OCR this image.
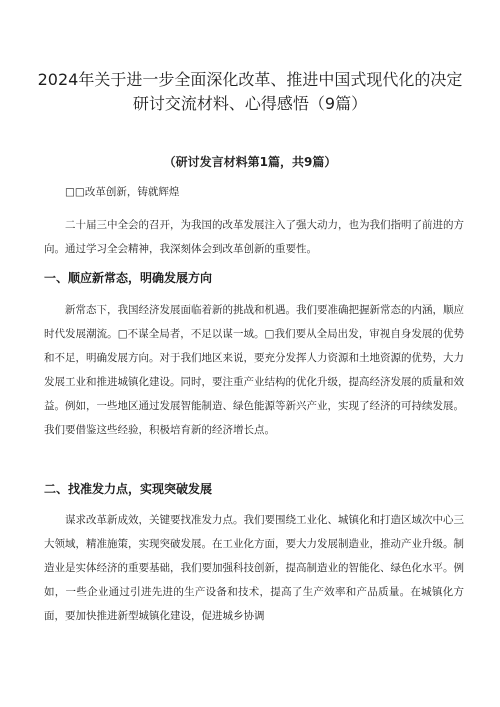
2024年关于进一步全面深化改革、推进中国式现代化的决定
研讨交流材料、心得感悟（9篇）
（研讨发言材料第1篇，共9篇）

□□改革创新，铸就辉煌

二十届三中全会的召开，为我国的改革发展注入了强大动力，也为我们指明了前进的方向。通过学习全会精神，我深刻体会到改革创新的重要性。

一、顺应新常态，明确发展方向

新常态下，我国经济发展面临着新的挑战和机遇。我们要准确把握新常态的内涵，顺应时代发展潮流。□不谋全局者，不足以谋一域。□我们要从全局出发，审视自身发展的优势和不足，明确发展方向。对于我们地区来说，要充分发挥人力资源和土地资源的优势，大力发展工业和推进城镇化建设。同时，要注重产业结构的优化升级，提高经济发展的质量和效益。例如，一些地区通过发展智能制造、绿色能源等新兴产业，实现了经济的可持续发展。我们要借鉴这些经验，积极培育新的经济增长点。

二、找准发力点，实现突破发展

谋求改革新成效，关键要找准发力点。我们要围绕工业化、城镇化和打造区域次中心三大领域，精准施策，实现突破发展。在工业化方面，要大力发展制造业，推动产业升级。制造业是实体经济的重要基础，我们要加强科技创新，提高制造业的智能化、绿色化水平。例如，一些企业通过引进先进的生产设备和技术，提高了生产效率和产品质量。在城镇化方面，要加快推进新型城镇化建设，促进城乡协调
